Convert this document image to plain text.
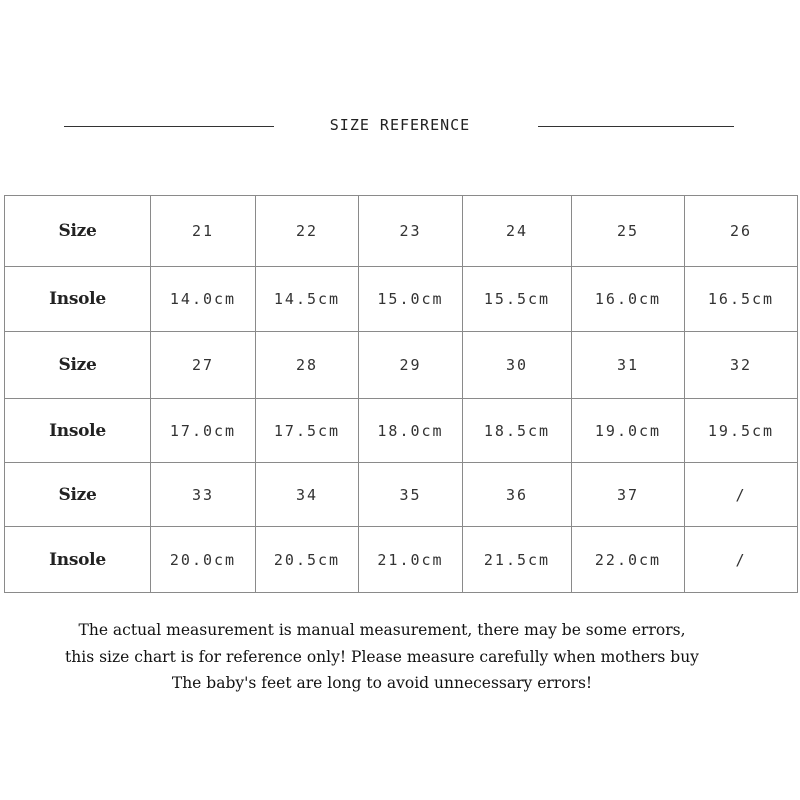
SIZE REFERENCE
Size	21	22	23	24	25	26
Insole	14.0cm	14.5cm	15.0cm	15.5cm	16.0cm	16.5cm
Size	27	28	29	30	31	32
Insole	17.0cm	17.5cm	18.0cm	18.5cm	19.0cm	19.5cm
Size	33	34	35	36	37	/
Insole	20.0cm	20.5cm	21.0cm	21.5cm	22.0cm	/
The actual measurement is manual measurement, there may be some errors,
this size chart is for reference only! Please measure carefully when mothers buy
The baby's feet are long to avoid unnecessary errors!
